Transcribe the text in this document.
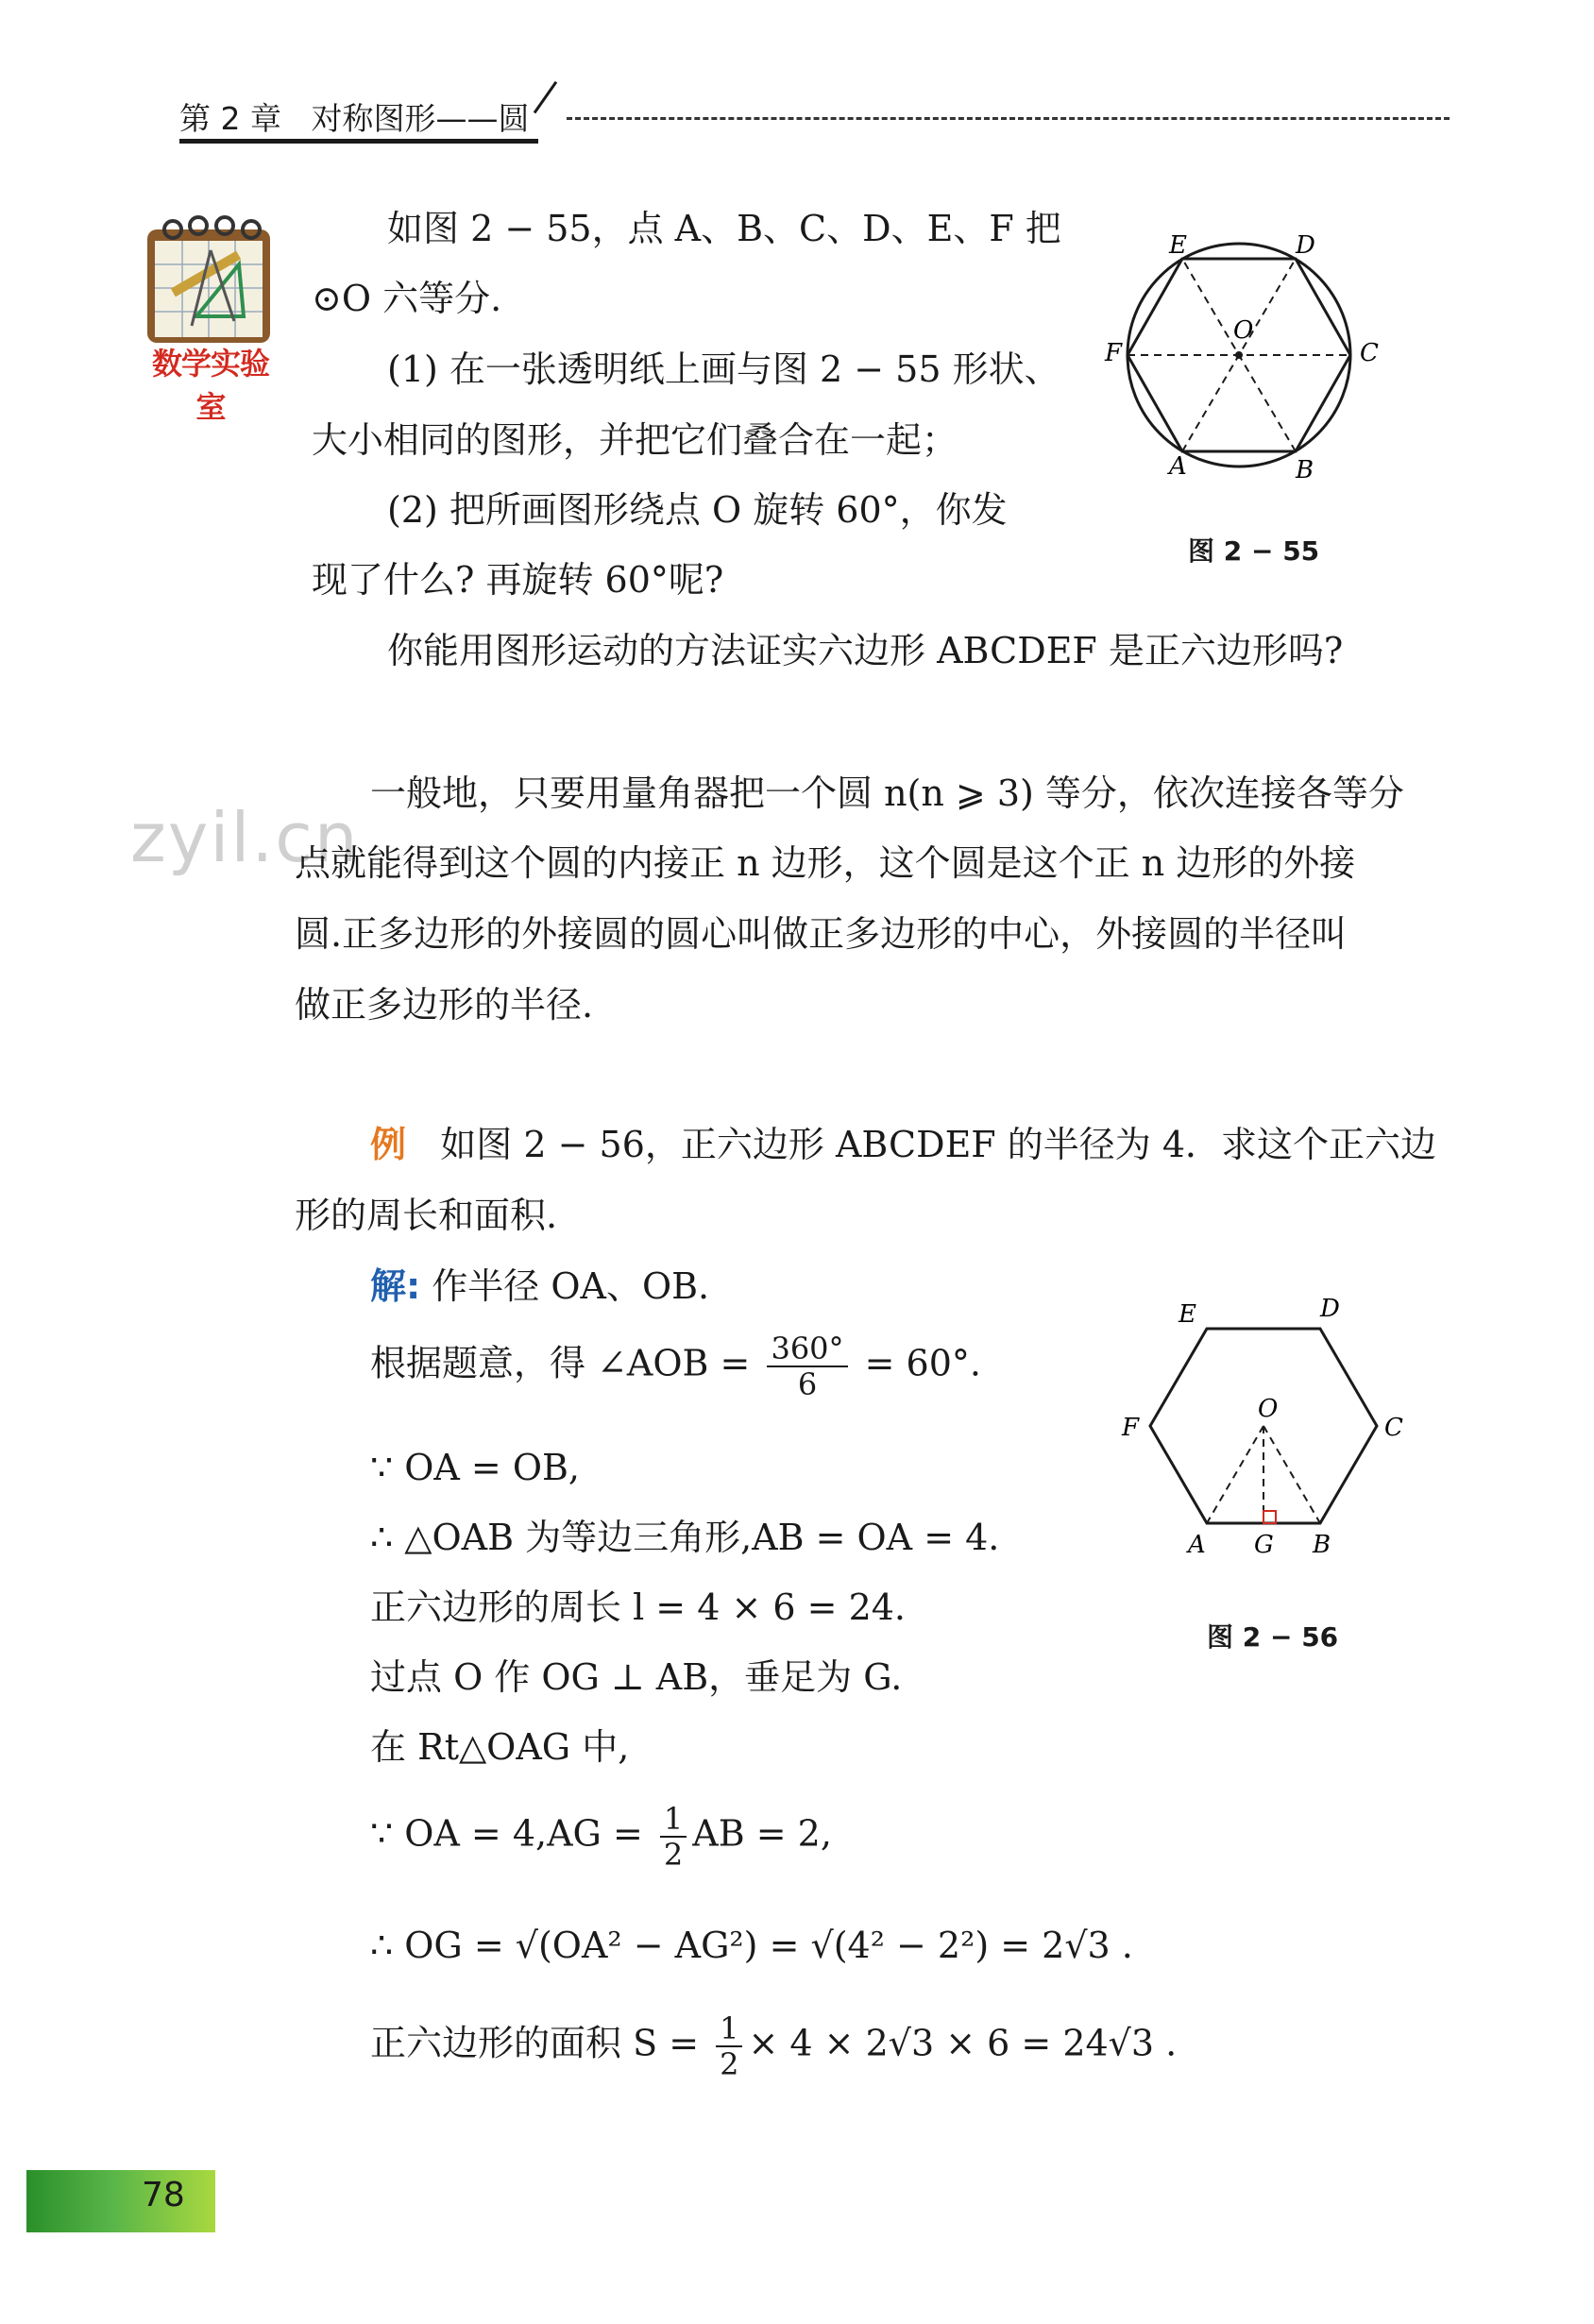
第 2 章 对称图形——圆
数学实验室
如图 2 − 55，点 A、B、C、D、E、F 把
⊙O 六等分.
(1) 在一张透明纸上画与图 2 − 55 形状、
大小相同的图形，并把它们叠合在一起；
(2) 把所画图形绕点 O 旋转 60°，你发
现了什么? 再旋转 60°呢?
你能用图形运动的方法证实六边形 ABCDEF 是正六边形吗?
E	D
O
F	C
A	B
图 2 − 55
zyil.cn
一般地，只要用量角器把一个圆 n(n ⩾ 3) 等分，依次连接各等分
点就能得到这个圆的内接正 n 边形，这个圆是这个正 n 边形的外接
圆.正多边形的外接圆的圆心叫做正多边形的中心，外接圆的半径叫
做正多边形的半径.
例 如图 2 − 56，正六边形 ABCDEF 的半径为 4．求这个正六边
形的周长和面积.
解: 作半径 OA、OB.
根据题意，得 ∠AOB = $\frac{360^\circ}{6} = 60^\circ$.
∵ OA = OB,
∴ △OAB 为等边三角形,AB = OA = 4.
正六边形的周长 l = 4 × 6 = 24.
过点 O 作 OG ⊥ AB，垂足为 G.
在 Rt△OAG 中,
∵ OA = $4,AG = \frac{1}{2}$ AB = 2,
∴ OG = √(OA² − AG²) = √(4² − 2²) = 2√3 .
正六边形的面积 $S = \frac{1}{2} \times 4 \times 2√3 \times 6 = 24√3$ .
E	D
O
F	C
A G B
图 2 − 56
78
